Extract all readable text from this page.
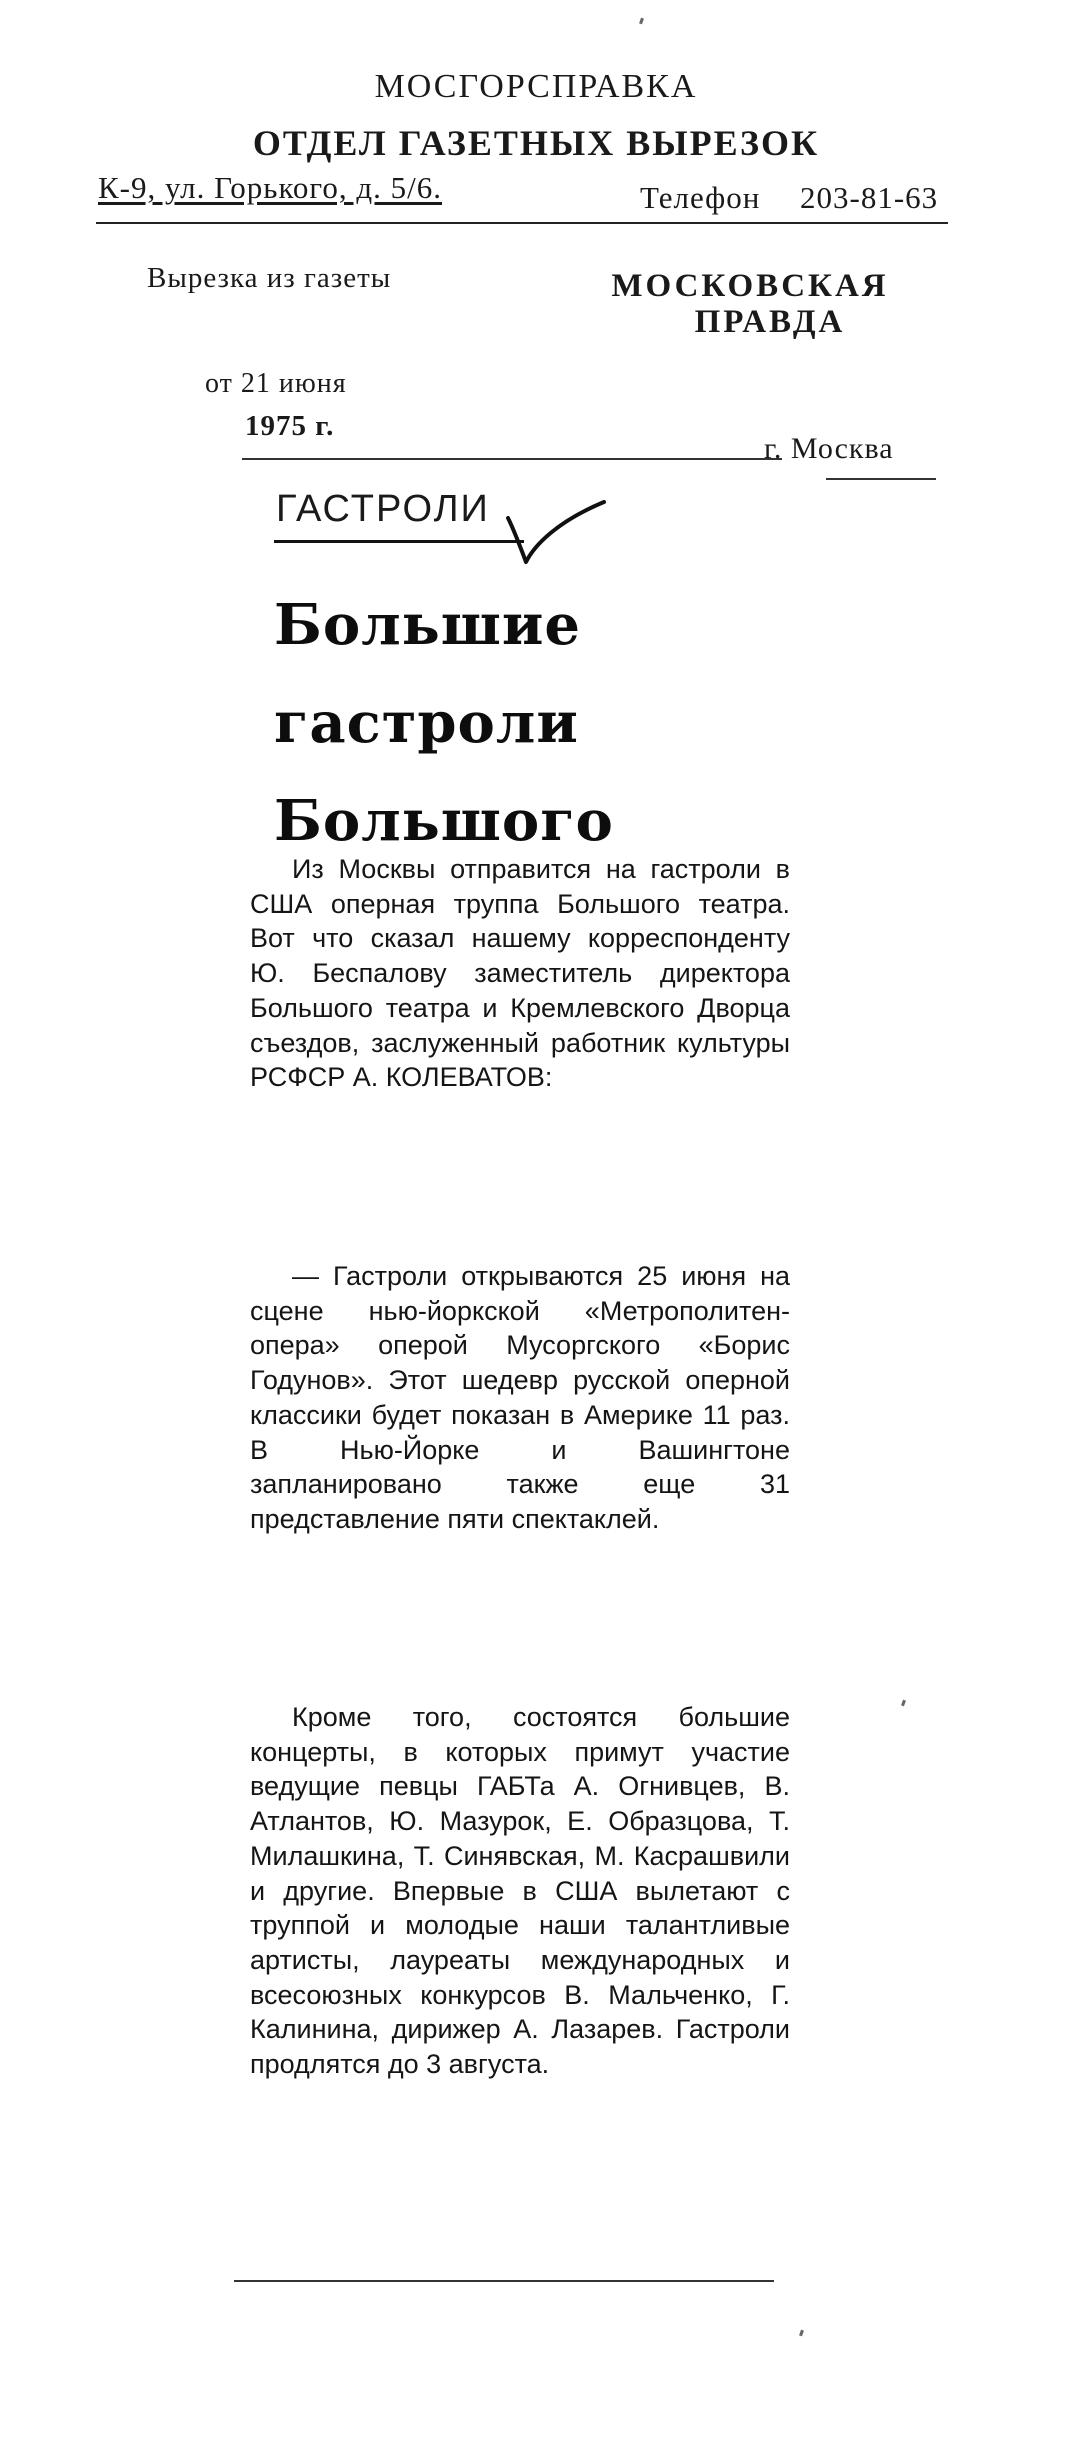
МОСГОРСПРАВКА
ОТДЕЛ ГАЗЕТНЫХ ВЫРЕЗОК
К-9, ул. Горького, д. 5/6.	Телефон 203-81-63
Вырезка из газеты	МОСКОВСКАЯ
ПРАВДА
от 21 июня
1975 г.
г. Москва
ГАСТРОЛИ
Большие
гастроли
Большого

Из Москвы отправится на гастроли в США оперная труппа Большого театра. Вот что сказал нашему корреспонденту Ю. Беспалову заместитель директора Большого театра и Кремлевского Дворца съездов, заслуженный работник культуры РСФСР А. КОЛЕВАТОВ:

— Гастроли открываются 25 июня на сцене нью-йоркской «Метрополитен-опера» оперой Мусоргского «Борис Годунов». Этот шедевр русской оперной классики будет показан в Америке 11 раз. В Нью-Йорке и Вашингтоне запланировано также еще 31 представление пяти спектаклей.

Кроме того, состоятся большие концерты, в которых примут участие ведущие певцы ГАБТа А. Огнивцев, В. Атлантов, Ю. Мазурок, Е. Образцова, Т. Милашкина, Т. Синявская, М. Касрашвили и другие. Впервые в США вылетают с труппой и молодые наши талантливые артисты, лауреаты международных и всесоюзных конкурсов В. Мальченко, Г. Калинина, дирижер А. Лазарев. Гастроли продлятся до 3 августа.
